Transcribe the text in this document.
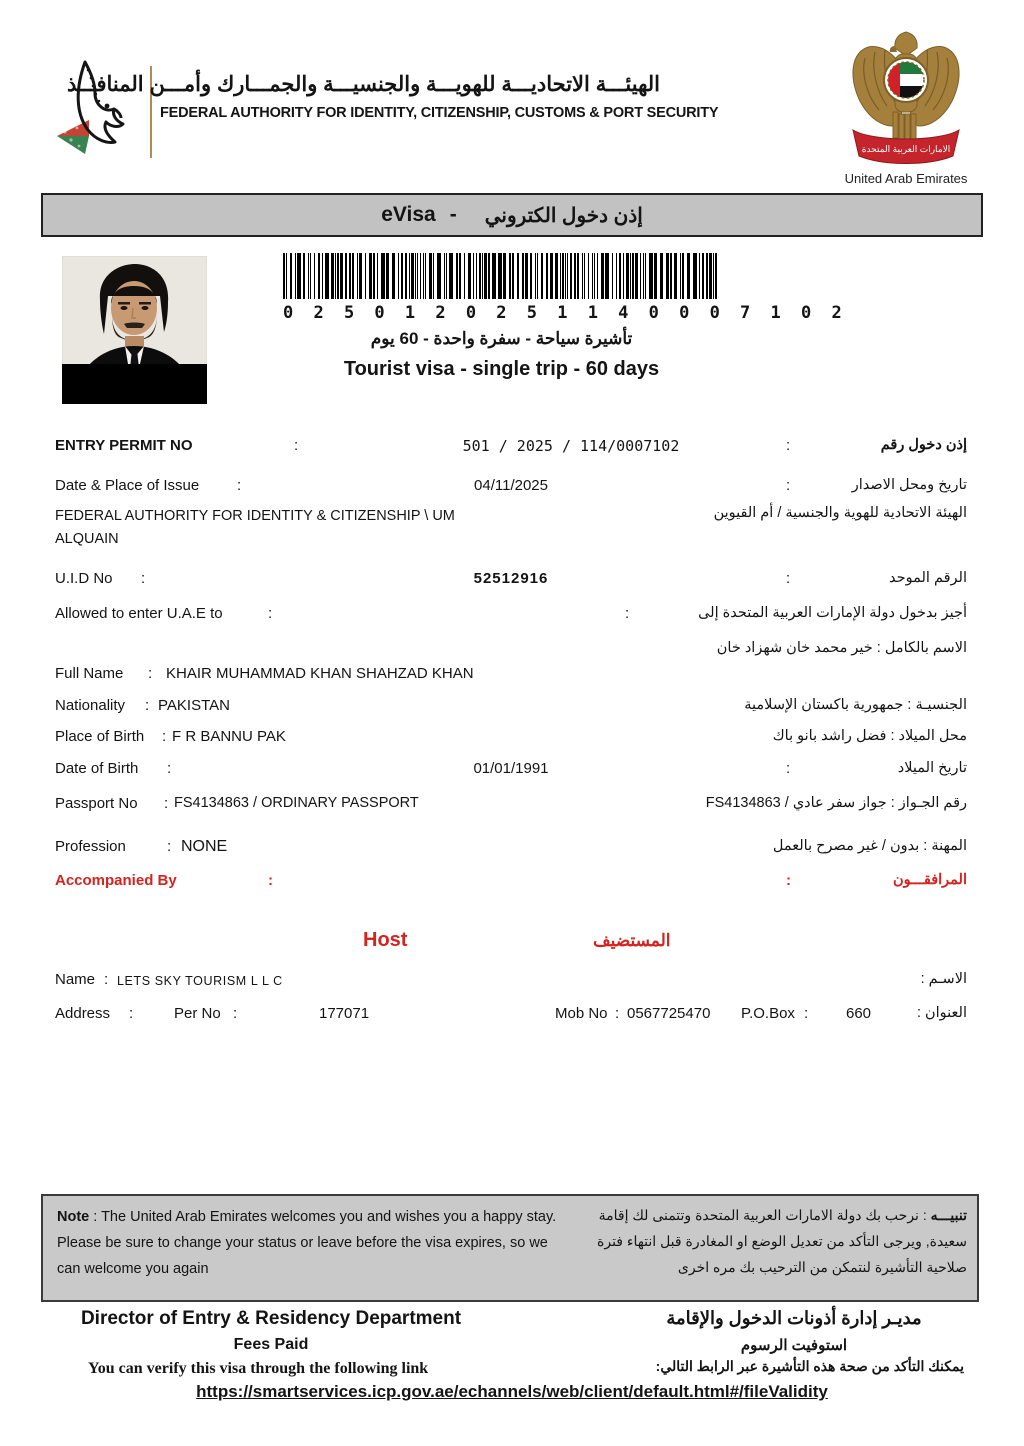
الهيئـــة الاتحاديـــة للهويـــة والجنسيـــة والجمـــارك وأمـــن المنافـــذ
FEDERAL AUTHORITY FOR IDENTITY, CITIZENSHIP, CUSTOMS & PORT SECURITY
الامارات العربية المتحدة
United Arab Emirates
eVisa - إذن دخول الكتروني
0 2 5 0 1 2 0 2 5 1 1 4 0 0 0 7 1 0 2
تأشيرة سياحة - سفرة واحدة - 60 يوم
Tourist visa - single trip - 60 days
ENTRY PERMIT NO	:	501 / 2025 / 114/0007102	:	إذن دخول رقم
Date & Place of Issue	:	04/11/2025	:	تاريخ ومحل الاصدار
FEDERAL AUTHORITY FOR IDENTITY & CITIZENSHIP \ UM ALQUAIN
الهيئة الاتحادية للهوية والجنسية / أم القيوين
U.I.D No :	52512916	:	الرقم الموحد
Allowed to enter U.A.E to	:	:	أجيز بدخول دولة الإمارات العربية المتحدة إلى
الاسم بالكامل : خير محمد خان شهزاد خان
Full Name : KHAIR MUHAMMAD KHAN SHAHZAD KHAN
Nationality : PAKISTAN	الجنسيـة : جمهورية باكستان الإسلامية
Place of Birth : F R BANNU PAK	محل الميلاد : فضل راشد بانو باك
Date of Birth :	01/01/1991	:	تاريخ الميلاد
Passport No : FS4134863 / ORDINARY PASSPORT	رقم الجـواز : جواز سفر عادي / FS4134863
Profession	: NONE	المهنة : بدون / غير مصرح بالعمل
Accompanied By	:	:	المرافقـــون
Host	المستضيف
Name : LETS SKY TOURISM L L C	الاسـم :
Address :	Per No :	177071	Mob No : 0567725470 P.O.Box :	660	العنوان :
Note : The United Arab Emirates welcomes you and wishes you a happy stay. Please be sure to change your status or leave before the visa expires, so we can welcome you again
تنبيـــه : نرحب بك دولة الامارات العربية المتحدة وتتمنى لك إقامة سعيدة, ويرجى التأكد من تعديل الوضع او المغادرة قبل انتهاء فترة صلاحية التأشيرة لنتمكن من الترحيب بك مره اخرى
Director of Entry & Residency Department	مديـر إدارة أذونات الدخول والإقامة
Fees Paid	استوفيت الرسوم
You can verify this visa through the following link	يمكنك التأكد من صحة هذه التأشيرة عبر الرابط التالي:
https://smartservices.icp.gov.ae/echannels/web/client/default.html#/fileValidity
